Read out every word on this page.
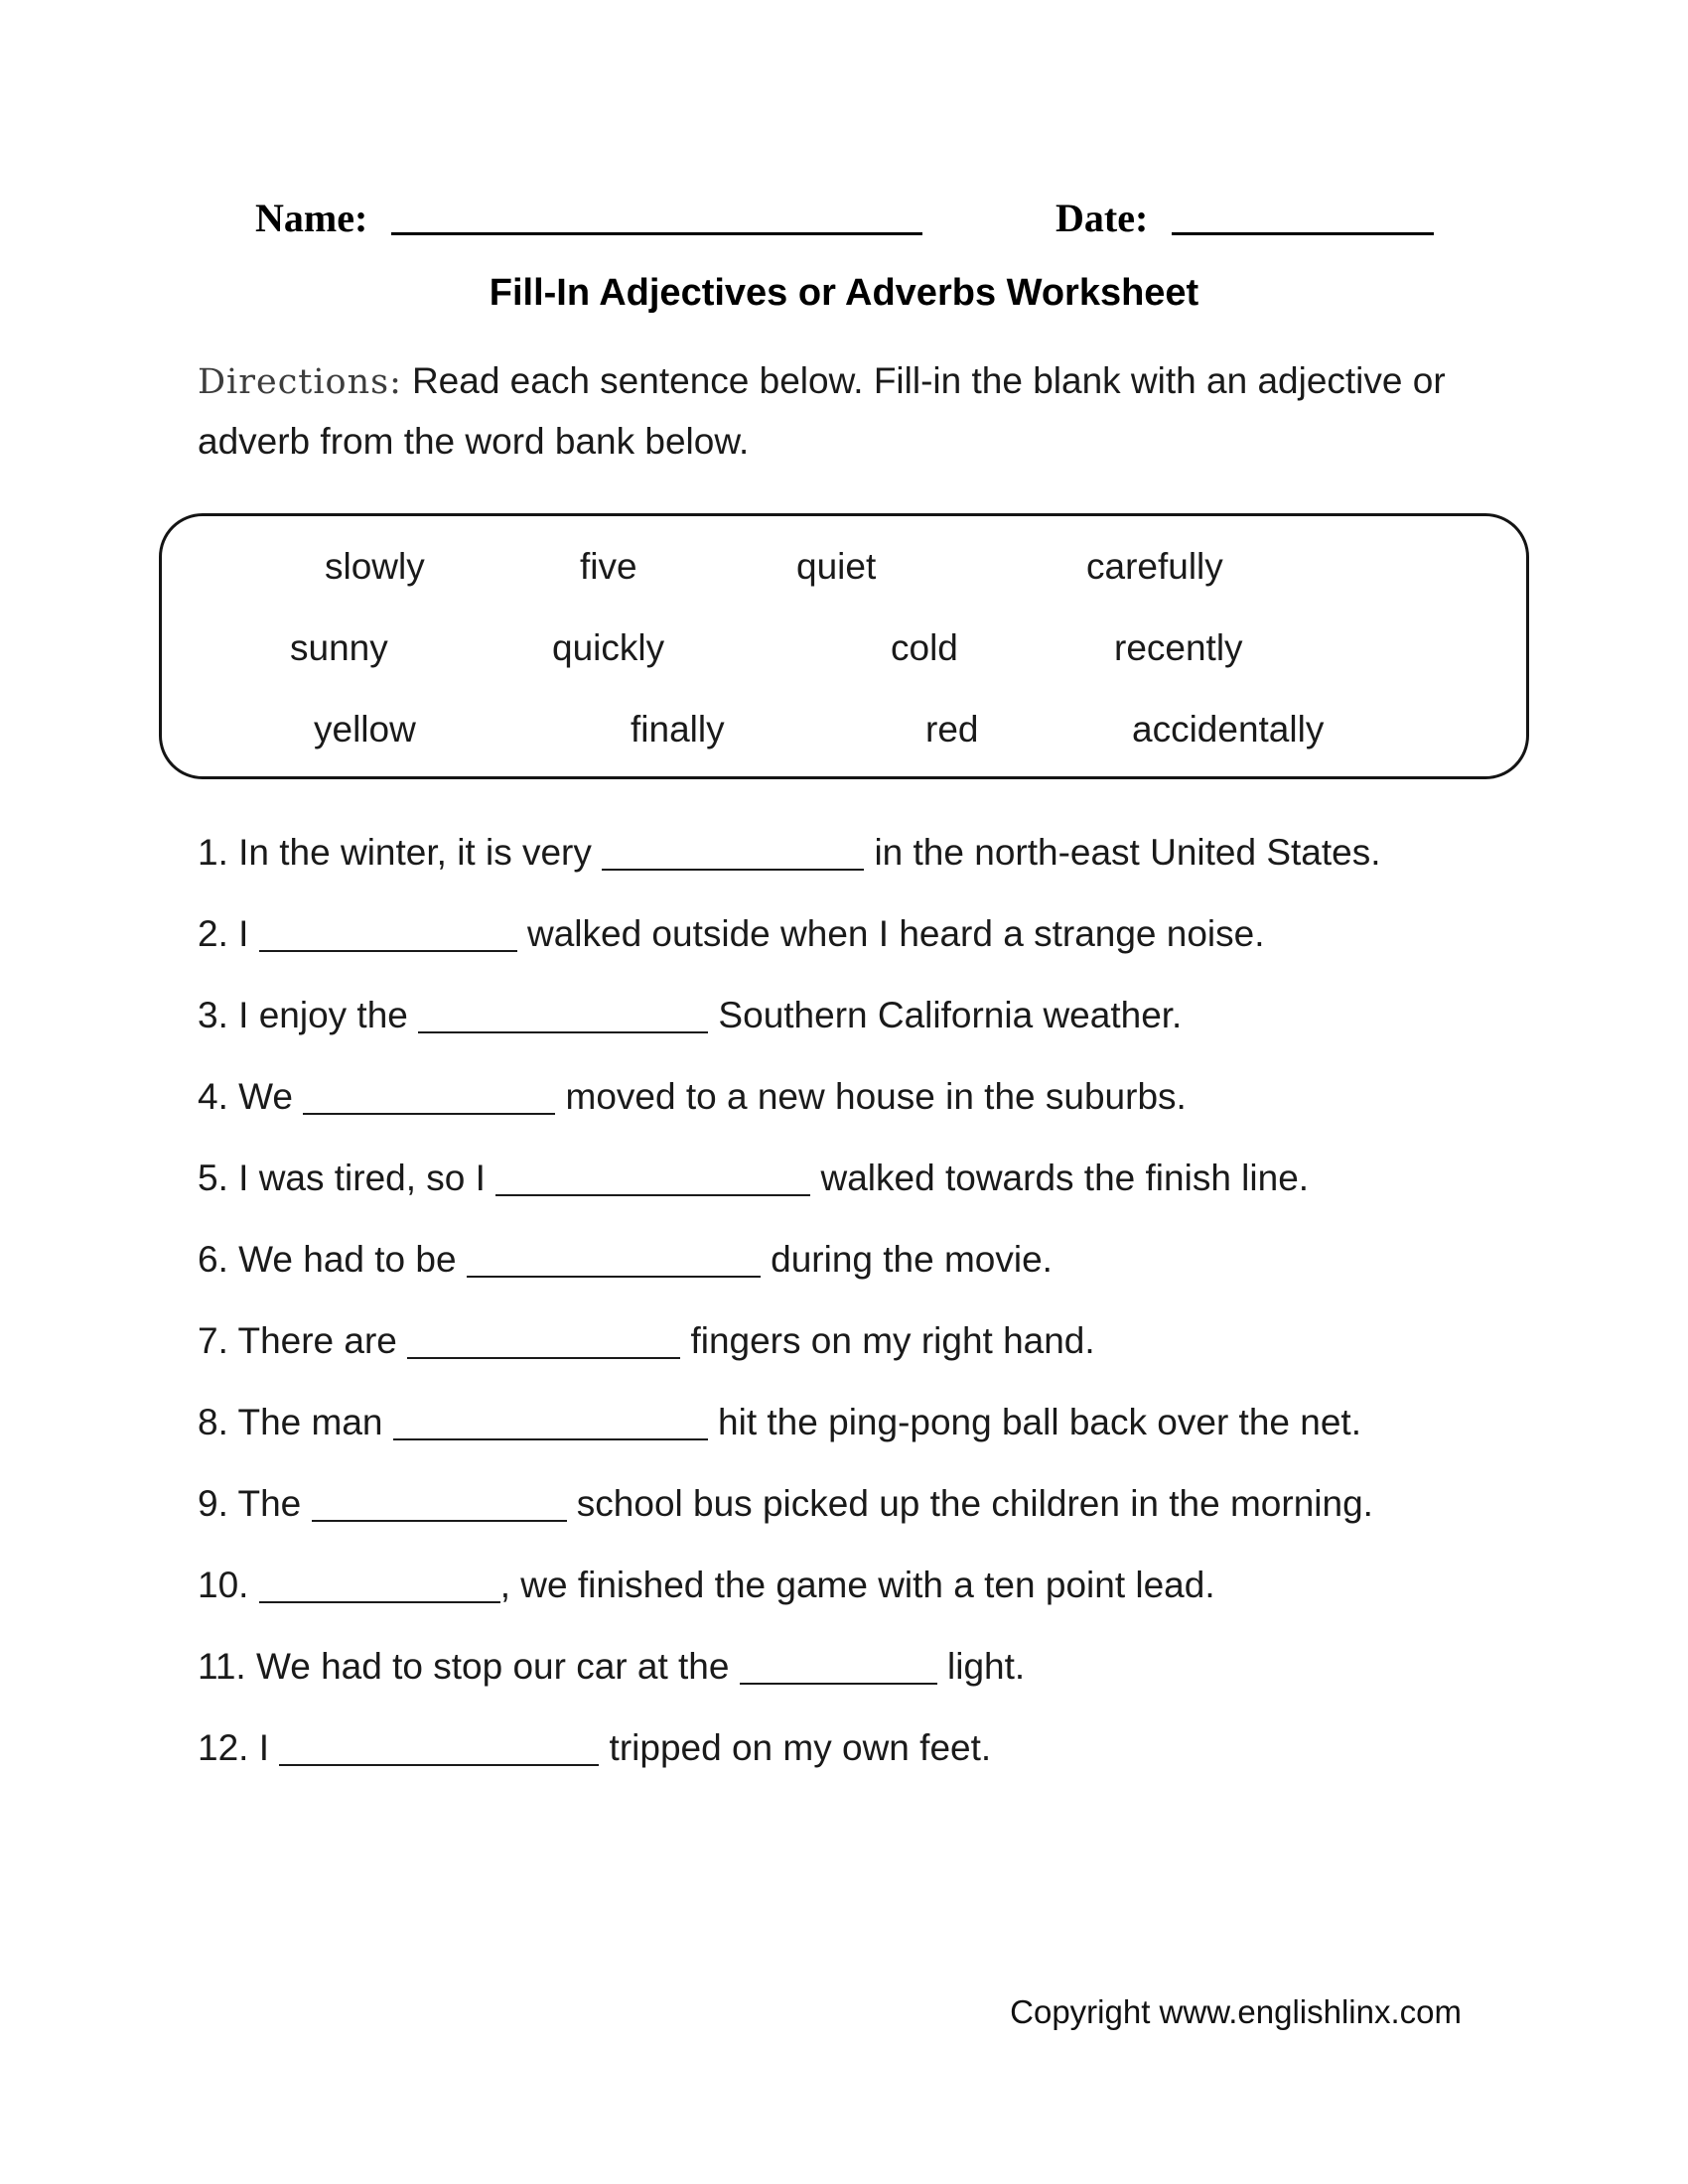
Name:	Date:
Fill-In Adjectives or Adverbs Worksheet
Directions: Read each sentence below. Fill-in the blank with an adjective or adverb from the word bank below.
slowly	five	quiet	carefully
sunny	quickly	cold	recently
yellow	finally	red	accidentally
1. In the winter, it is very	in the north-east United States.
2. I	walked outside when I heard a strange noise.
3. I enjoy the	Southern California weather.
4. We	moved to a new house in the suburbs.
5. I was tired, so I	walked towards the finish line.
6. We had to be	during the movie.
7. There are	fingers on my right hand.
8. The man	hit the ping-pong ball back over the net.
9. The	school bus picked up the children in the morning.
10.	, we finished the game with a ten point lead.
11. We had to stop our car at the	light.
12. I	tripped on my own feet.
Copyright www.englishlinx.com
